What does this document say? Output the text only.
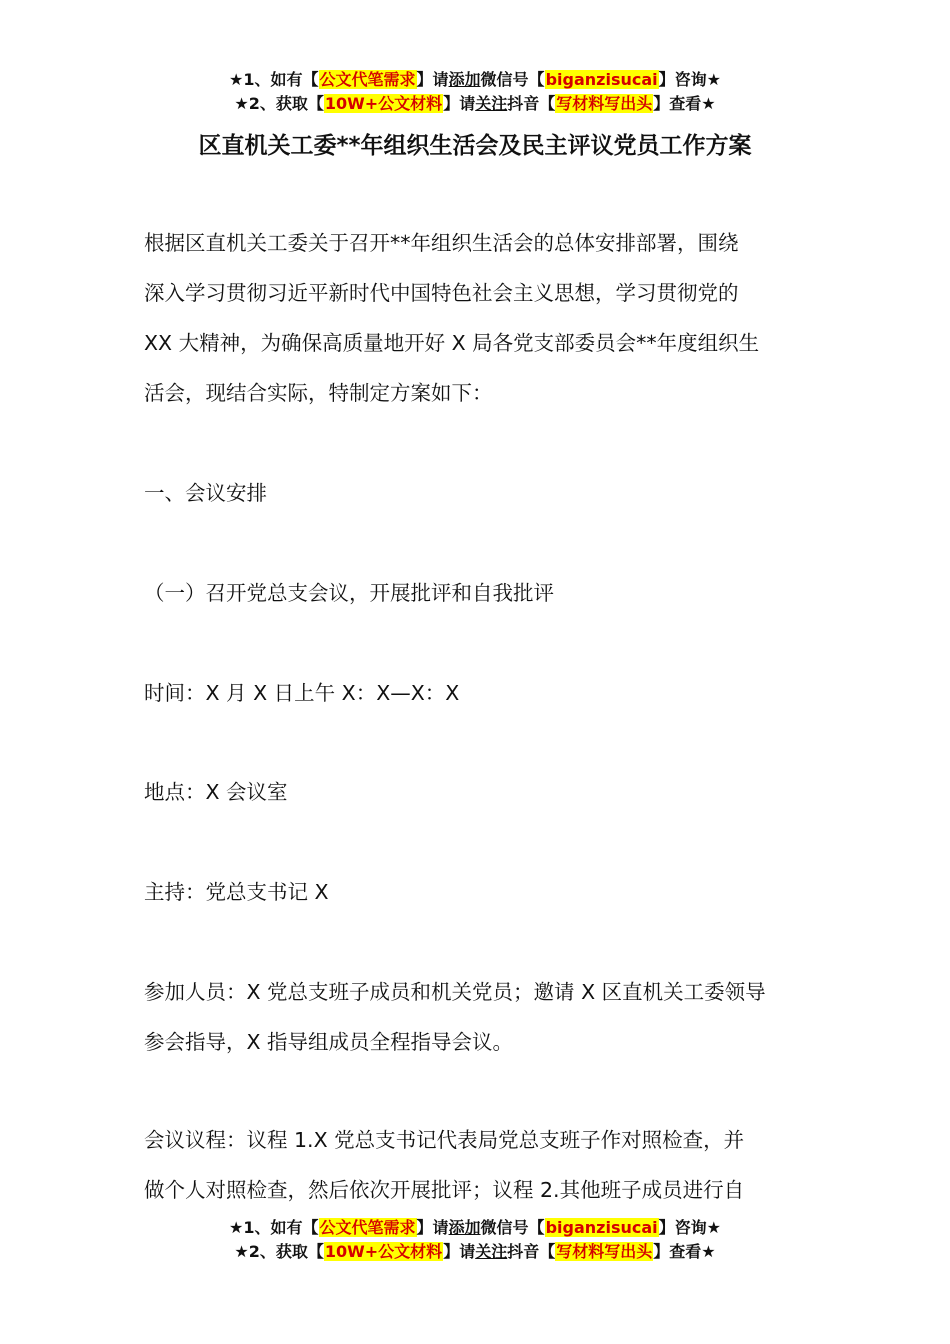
★1、如有【公文代笔需求】请添加微信号【biganzisucai】咨询★
★2、获取【10W+公文材料】请关注抖音【写材料写出头】查看★
区直机关工委**年组织生活会及民主评议党员工作方案

根据区直机关工委关于召开**年组织生活会的总体安排部署，围绕
深入学习贯彻习近平新时代中国特色社会主义思想，学习贯彻党的
XX 大精神，为确保高质量地开好 X 局各党支部委员会**年度组织生
活会，现结合实际，特制定方案如下：

一、会议安排

（一）召开党总支会议，开展批评和自我批评

时间：X 月 X 日上午 X：X—X：X

地点：X 会议室

主持：党总支书记 X

参加人员：X 党总支班子成员和机关党员；邀请 X 区直机关工委领导
参会指导，X 指导组成员全程指导会议。

会议议程：议程 1.X 党总支书记代表局党总支班子作对照检查，并
做个人对照检查，然后依次开展批评；议程 2.其他班子成员进行自

★1、如有【公文代笔需求】请添加微信号【biganzisucai】咨询★
★2、获取【10W+公文材料】请关注抖音【写材料写出头】查看★
